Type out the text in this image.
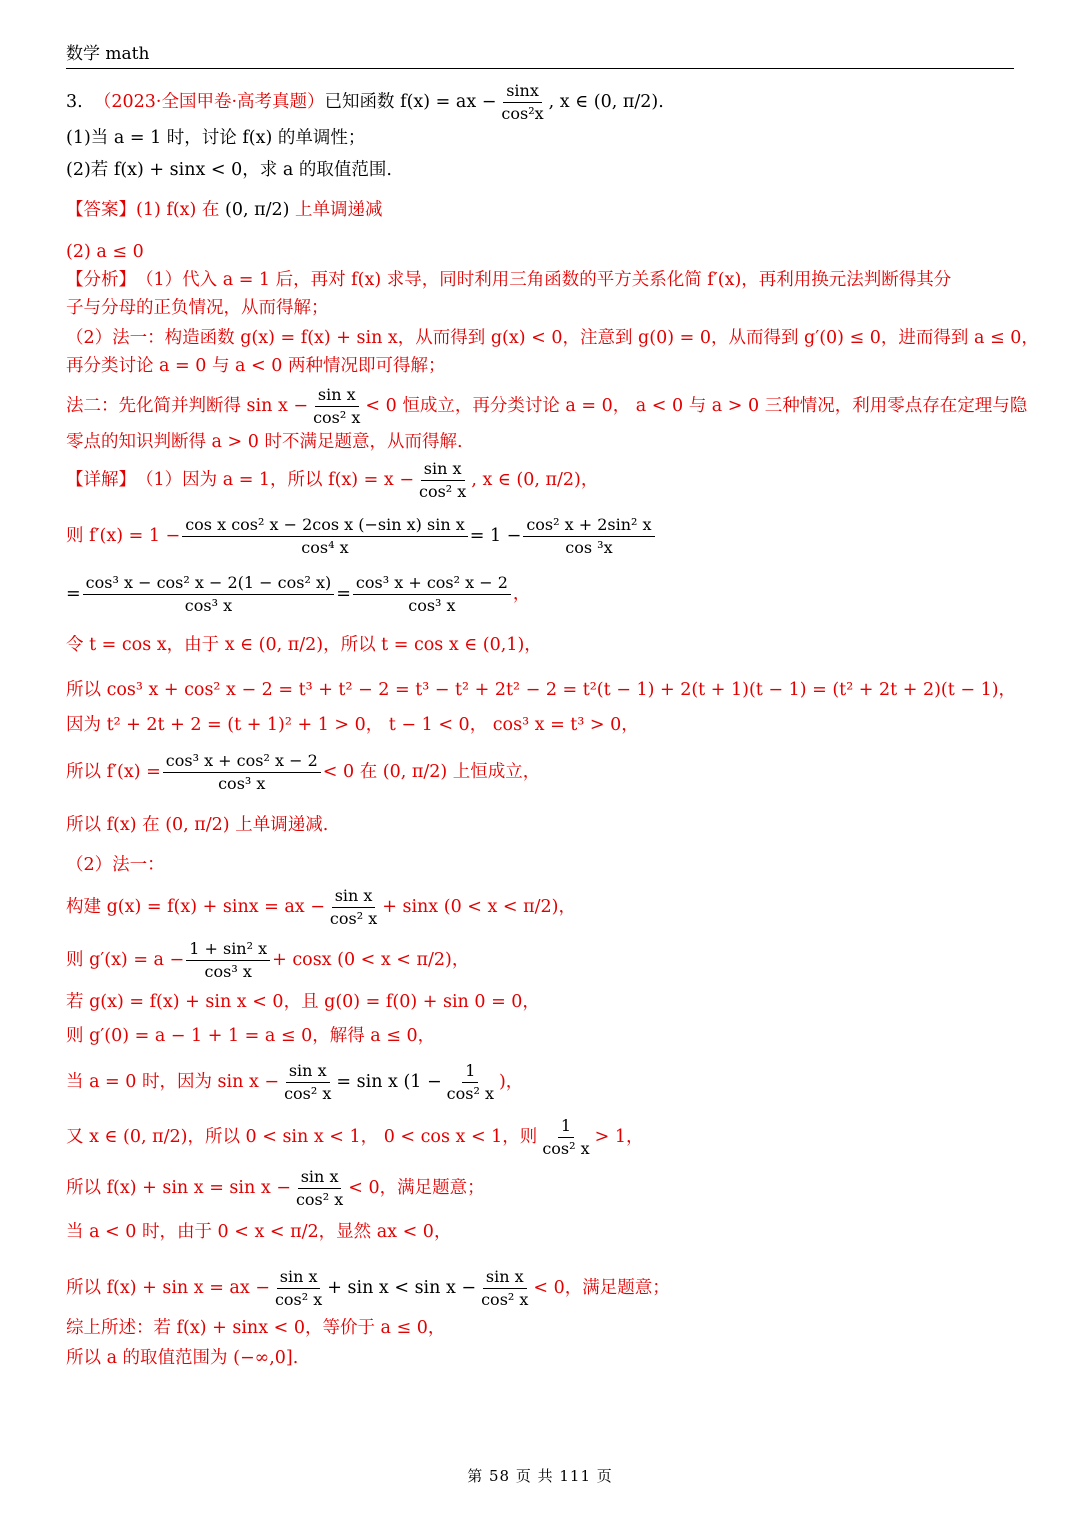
数学 math
3.
（2023·全国甲卷·高考真题） 已知函数
f(x) = ax − $\frac{\sin x}{\text{cos²x}}$ , x ∈ (0, π/2).
(1)当 a = 1 时，讨论 f(x) 的单调性；
(2)若 f(x) + sinx < 0，求 a 的取值范围.
【答案】 (1) f(x) 在
(0, π/2)
上单调递减
(2) a ≤ 0
【分析】 （1）代入 a = 1 后，再对 f(x) 求导，同时利用三角函数的平方关系化简 f′(x)，再利用换元法判断得其分
子与分母的正负情况，从而得解；
（2）法一：构造函数 g(x) = f(x) + sin x，从而得到 g(x) < 0，注意到 g(0) = 0，从而得到 g′(0) ≤ 0，进而得到 a ≤ 0，
再分类讨论 a = 0 与 a < 0 两种情况即可得解；
法二：先化简并判断得 $\sin x - \frac{\text{sin x}}{\text{cos² x}} < 0$ 恒成立，再分类讨论 a = 0， a < 0 与 a > 0 三种情况，利用零点存在定理与隐
零点的知识判断得 a > 0 时不满足题意，从而得解.
【详解】 （1）因为 a = 1，所以 $f(x) = x - \frac{\text{sin x}}{\text{cos² x}}$ , x ∈ (0, π/2)，
则 $f'(x) = 1 - \frac{\text{cos x cos² x − 2cos x (−sin x) sin x}}{\text{cos⁴ x}} = 1 - \frac{\text{cos² x + 2sin² x}}{\text{cos ³x}}$
= $\frac{\text{cos³ x − cos² x − 2(1 − cos² x)}}{\text{cos³ x}} = \frac{\text{cos³ x + cos² x − 2}}{\text{cos³ x}}$ ，
令 t = cos x，由于 x ∈ (0, π/2)，所以 t = cos x ∈ (0,1)，
所以 cos³ x + cos² x − 2 = t³ + t² − 2 = t³ − t² + 2t² − 2 = t²(t − 1) + 2(t + 1)(t − 1) = (t² + 2t + 2)(t − 1)，
因为 t² + 2t + 2 = (t + 1)² + 1 > 0， t − 1 < 0， cos³ x = t³ > 0，
所以 $f'(x) = \frac{\text{cos³ x + cos² x − 2}}{\text{cos³ x}} < 0$ 在 (0, π/2) 上恒成立，
所以 f(x) 在 (0, π/2) 上单调递减.
（2）法一：
构建 g(x) = f(x) + sinx = ax − $\frac{\text{sin x}}{\text{cos² x}} + \sin x$ (0 < x < π/2)，
则 $g'(x) = a - \frac{\text{1 + sin² x}}{\text{cos³ x}} + \cos x$ (0 < x < π/2)，
若 g(x) = f(x) + sin x < 0，且 g(0) = f(0) + sin 0 = 0，
则 g′(0) = a − 1 + 1 = a ≤ 0，解得 a ≤ 0，
当 a = 0 时，因为 $\sin x - \frac{\text{sin x}}{\text{cos² x}} = \sin x$ ($1 - \frac{1}{\text{cos² x}}$ )，
又 x ∈ (0, π/2)，所以 0 < sin x < 1， 0 < cos x < 1，则 $\frac{1}{\text{cos² x}} > 1$，
所以 $f(x) + \sin x = \sin x - \frac{\text{sin x}}{\text{cos² x}} < 0$，满足题意；
当 a < 0 时，由于 0 < x < π/2，显然 ax < 0，
所以 f(x) + sin x = ax − $\frac{\text{sin x}}{\text{cos² x}} + \sin x < \sin x - \frac{\text{sin x}}{\text{cos² x}} < 0$，满足题意；
综上所述：若 f(x) + sinx < 0，等价于 a ≤ 0，
所以 a 的取值范围为 (−∞,0].
第 58 页 共 111 页
